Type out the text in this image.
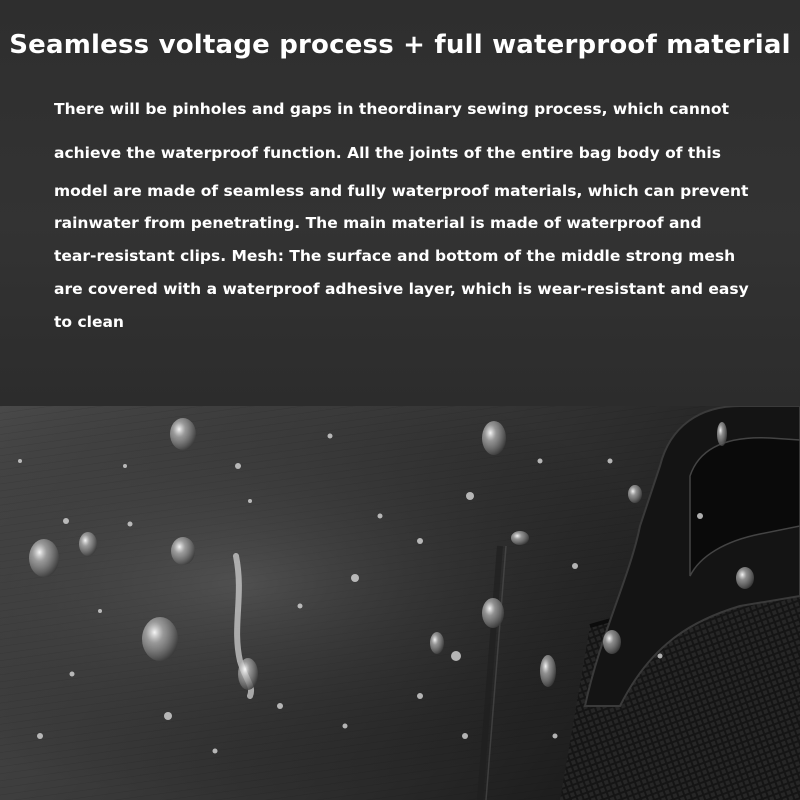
Seamless voltage process + full waterproof material
There will be pinholes and gaps in theordinary sewing process, which cannot
achieve the waterproof function. All the joints of the entire bag body of this
model are made of seamless and fully waterproof materials, which can prevent
rainwater from penetrating. The main material is made of waterproof and
tear-resistant clips. Mesh: The surface and bottom of the middle strong mesh
are covered with a waterproof adhesive layer, which is wear-resistant and easy
to clean
